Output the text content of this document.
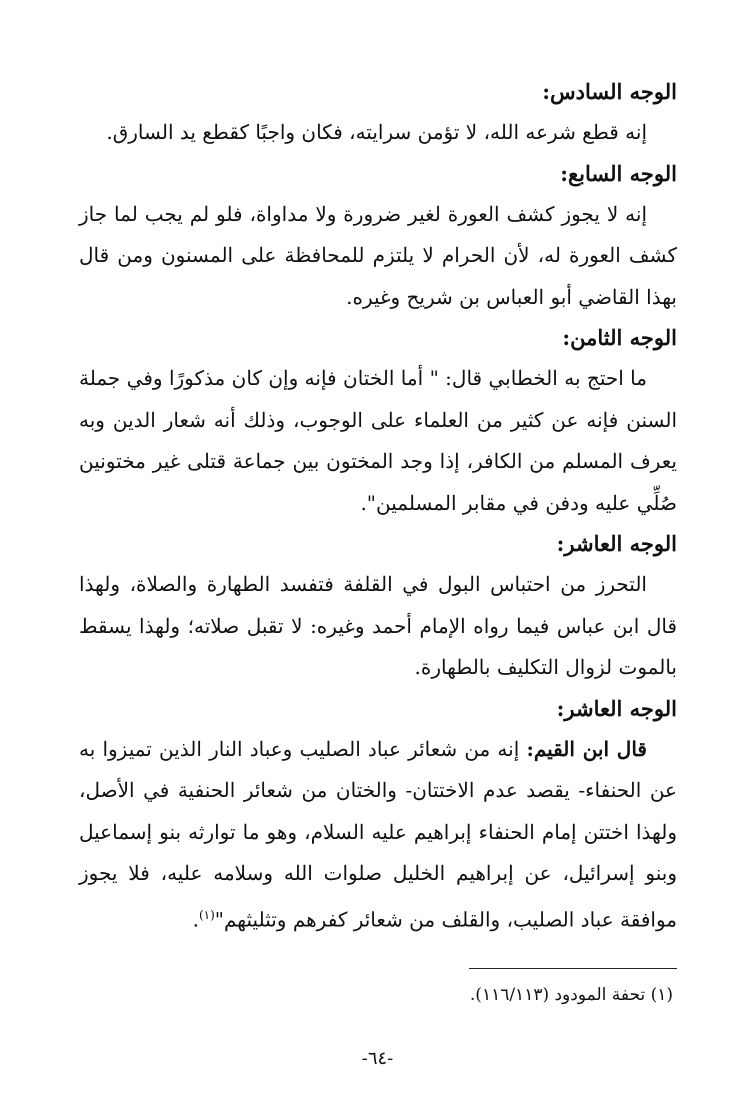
الوجه السادس:

إنه قطع شرعه الله، لا تؤمن سرايته، فكان واجبًا كقطع يد السارق.

الوجه السابع:

إنه لا يجوز كشف العورة لغير ضرورة ولا مداواة، فلو لم يجب لما جاز كشف العورة له، لأن الحرام لا يلتزم للمحافظة على المسنون ومن قال بهذا القاضي أبو العباس بن شريح وغيره.

الوجه الثامن:

ما احتج به الخطابي قال: " أما الختان فإنه وإن كان مذكورًا وفي جملة السنن فإنه عن كثير من العلماء على الوجوب، وذلك أنه شعار الدين وبه يعرف المسلم من الكافر، إذا وجد المختون بين جماعة قتلى غير مختونين صُلِّي عليه ودفن في مقابر المسلمين".

الوجه العاشر:

التحرز من احتباس البول في القلفة فتفسد الطهارة والصلاة، ولهذا قال ابن عباس فيما رواه الإمام أحمد وغيره: لا تقبل صلاته؛ ولهذا يسقط بالموت لزوال التكليف بالطهارة.

الوجه العاشر:

قال ابن القيم: إنه من شعائر عباد الصليب وعباد النار الذين تميزوا به عن الحنفاء- يقصد عدم الاختتان- والختان من شعائر الحنفية في الأصل، ولهذا اختتن إمام الحنفاء إبراهيم عليه السلام، وهو ما توارثه بنو إسماعيل وبنو إسرائيل، عن إبراهيم الخليل صلوات الله وسلامه عليه، فلا يجوز موافقة عباد الصليب، والقلف من شعائر كفرهم وتثليثهم"$^{(١)}$.

(١) تحفة المودود (١١٦/١١٣).
-٦٤-
